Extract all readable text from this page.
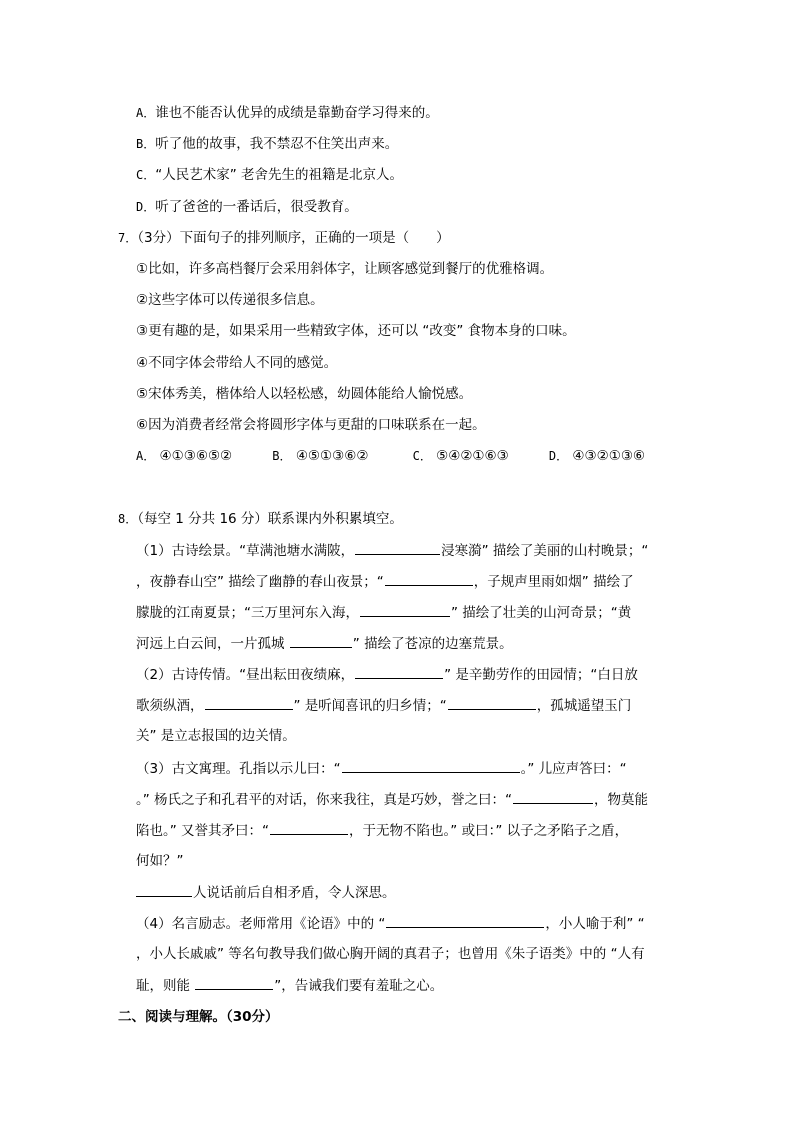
A．谁也不能否认优异的成绩是靠勤奋学习得来的。
B．听了他的故事，我不禁忍不住笑出声来。
C．“人民艺术家” 老舍先生的祖籍是北京人。
D．听了爸爸的一番话后，很受教育。
7．（3分）下面句子的排列顺序，正确的一项是（　　）
①比如，许多高档餐厅会采用斜体字，让顾客感觉到餐厅的优雅格调。
②这些字体可以传递很多信息。
③更有趣的是，如果采用一些精致字体，还可以 “改变” 食物本身的口味。
④不同字体会带给人不同的感觉。
⑤宋体秀美，楷体给人以轻松感，幼圆体能给人愉悦感。
⑥因为消费者经常会将圆形字体与更甜的口味联系在一起。
A． ④①③⑥⑤②	B． ④⑤①③⑥②	C． ⑤④②①⑥③	D． ④③②①③⑥
8．（每空 1 分共 16 分）联系课内外积累填空。
（1）古诗绘景。“草满池塘水满陂，	浸寒漪” 描绘了美丽的山村晚景；“
，夜静春山空” 描绘了幽静的春山夜景；“	，子规声里雨如烟” 描绘了
朦胧的江南夏景；“三万里河东入海，	” 描绘了壮美的山河奇景；“黄
河远上白云间，一片孤城	” 描绘了苍凉的边塞荒景。
（2）古诗传情。“昼出耘田夜绩麻，	” 是辛勤劳作的田园情；“白日放
歌须纵酒，	” 是听闻喜讯的归乡情；“	，孤城遥望玉门
关” 是立志报国的边关情。
（3）古文寓理。孔指以示儿曰：“	。” 儿应声答曰：“
。” 杨氏之子和孔君平的对话，你来我往，真是巧妙，誉之曰：“	，物莫能
陷也。” 又誉其矛曰：“	，于无物不陷也。” 或曰：” 以子之矛陷子之盾，
何如？”
人说话前后自相矛盾，令人深思。
（4）名言励志。老师常用《论语》中的 “	，小人喻于利” “
，小人长戚戚” 等名句教导我们做心胸开阔的真君子；也曾用《朱子语类》中的 “人有
耻，则能	”，告诫我们要有羞耻之心。
二、阅读与理解。（30分）
